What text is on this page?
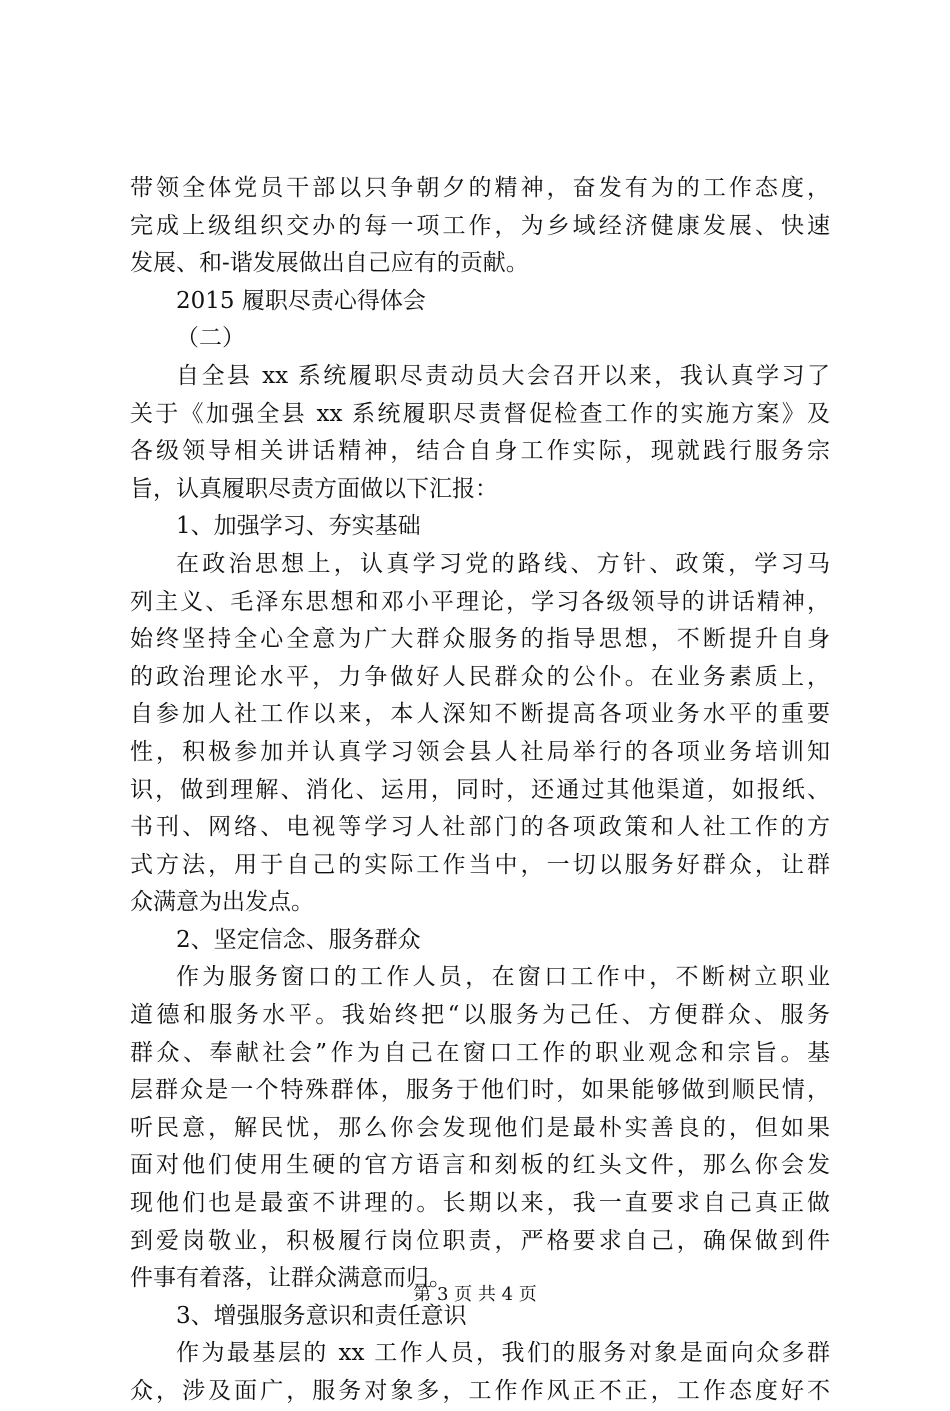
带领全体党员干部以只争朝夕的精神，奋发有为的工作态度，
完成上级组织交办的每一项工作，为乡域经济健康发展、快速
发展、和-谐发展做出自己应有的贡献。
2015 履职尽责心得体会
（二）
自全县 xx 系统履职尽责动员大会召开以来，我认真学习了
关于《加强全县 xx 系统履职尽责督促检查工作的实施方案》及
各级领导相关讲话精神，结合自身工作实际，现就践行服务宗
旨，认真履职尽责方面做以下汇报：
1、加强学习、夯实基础
在政治思想上，认真学习党的路线、方针、政策，学习马
列主义、毛泽东思想和邓小平理论，学习各级领导的讲话精神，
始终坚持全心全意为广大群众服务的指导思想，不断提升自身
的政治理论水平，力争做好人民群众的公仆。在业务素质上，
自参加人社工作以来，本人深知不断提高各项业务水平的重要
性，积极参加并认真学习领会县人社局举行的各项业务培训知
识，做到理解、消化、运用，同时，还通过其他渠道，如报纸、
书刊、网络、电视等学习人社部门的各项政策和人社工作的方
式方法，用于自己的实际工作当中，一切以服务好群众，让群
众满意为出发点。
2、坚定信念、服务群众
作为服务窗口的工作人员，在窗口工作中，不断树立职业
道德和服务水平。我始终把“以服务为己任、方便群众、服务
群众、奉献社会”作为自己在窗口工作的职业观念和宗旨。基
层群众是一个特殊群体，服务于他们时，如果能够做到顺民情，
听民意，解民忧，那么你会发现他们是最朴实善良的，但如果
面对他们使用生硬的官方语言和刻板的红头文件，那么你会发
现他们也是最蛮不讲理的。长期以来，我一直要求自己真正做
到爱岗敬业，积极履行岗位职责，严格要求自己，确保做到件
件事有着落，让群众满意而归。
3、增强服务意识和责任意识
作为最基层的 xx 工作人员，我们的服务对象是面向众多群
众，涉及面广，服务对象多，工作作风正不正，工作态度好不
第 3 页 共 4 页
